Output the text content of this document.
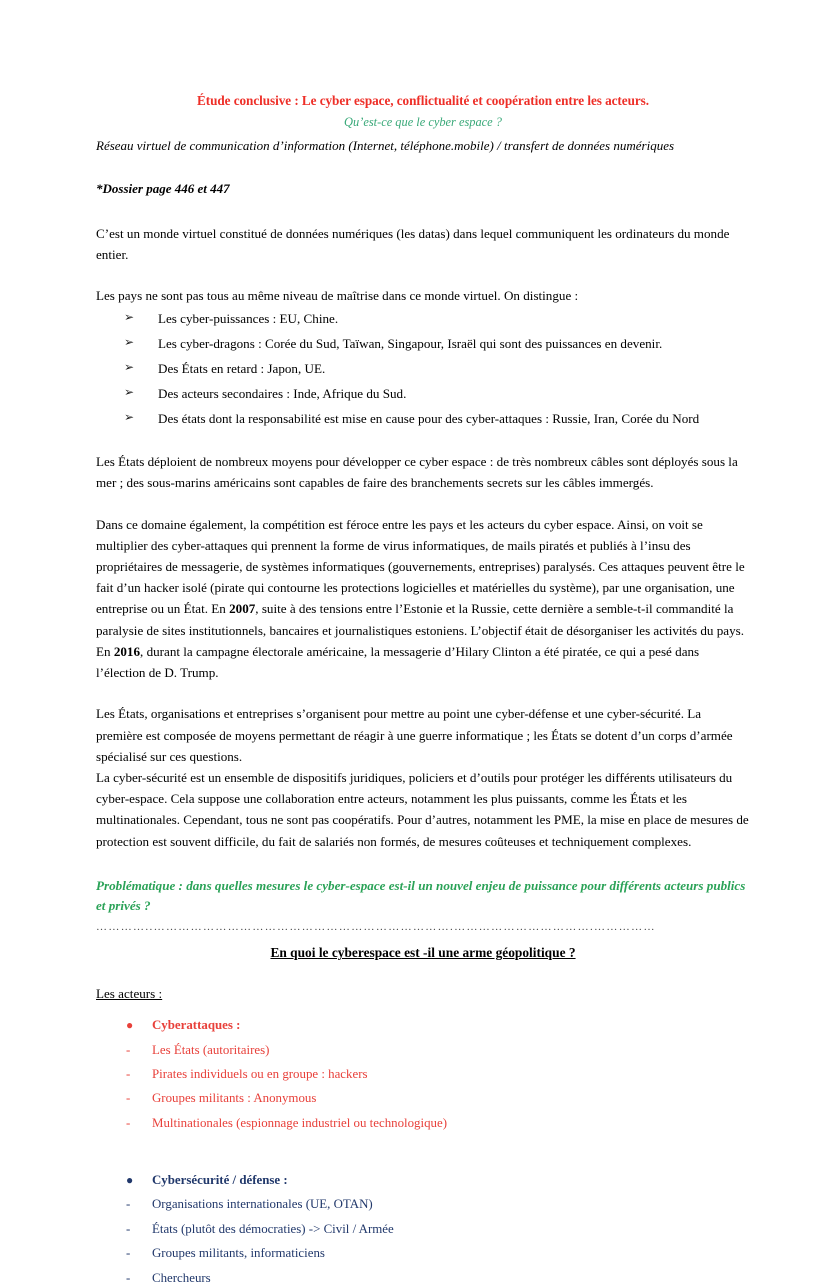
Étude conclusive : Le cyber espace, conflictualité et coopération entre les acteurs.
Qu’est-ce que le cyber espace ?
Réseau virtuel de communication d’information (Internet, téléphone.mobile) / transfert de données numériques
*Dossier page 446 et 447

C’est un monde virtuel constitué de données numériques (les datas) dans lequel communiquent les ordinateurs du monde entier.

Les pays ne sont pas tous au même niveau de maîtrise dans ce monde virtuel. On distingue :

➢ Les cyber-puissances : EU, Chine.
➢ Les cyber-dragons : Corée du Sud, Taïwan, Singapour, Israël qui sont des puissances en devenir.
➢ Des États en retard : Japon, UE.
➢ Des acteurs secondaires : Inde, Afrique du Sud.
➢ Des états dont la responsabilité est mise en cause pour des cyber-attaques : Russie, Iran, Corée du Nord

Les États déploient de nombreux moyens pour développer ce cyber espace : de très nombreux câbles sont déployés sous la mer ; des sous-marins américains sont capables de faire des branchements secrets sur les câbles immergés.

Dans ce domaine également, la compétition est féroce entre les pays et les acteurs du cyber espace. Ainsi, on voit se multiplier des cyber-attaques qui prennent la forme de virus informatiques, de mails piratés et publiés à l’insu des propriétaires de messagerie, de systèmes informatiques (gouvernements, entreprises) paralysés. Ces attaques peuvent être le fait d’un hacker isolé (pirate qui contourne les protections logicielles et matérielles du système), par une organisation, une entreprise ou un État. En 2007, suite à des tensions entre l’Estonie et la Russie, cette dernière a semble-t-il commandité la paralysie de sites institutionnels, bancaires et journalistiques estoniens. L’objectif était de désorganiser les activités du pays. En 2016, durant la campagne électorale américaine, la messagerie d’Hilary Clinton a été piratée, ce qui a pesé dans l’élection de D. Trump.

Les États, organisations et entreprises s’organisent pour mettre au point une cyber-défense et une cyber-sécurité. La première est composée de moyens permettant de réagir à une guerre informatique ; les États se dotent d’un corps d’armée spécialisé sur ces questions.

La cyber-sécurité est un ensemble de dispositifs juridiques, policiers et d’outils pour protéger les différents utilisateurs du cyber-espace. Cela suppose une collaboration entre acteurs, notamment les plus puissants, comme les États et les multinationales. Cependant, tous ne sont pas coopératifs. Pour d’autres, notamment les PME, la mise en place de mesures de protection est souvent difficile, du fait de salariés non formés, de mesures coûteuses et techniquement complexes.

Problématique : dans quelles mesures le cyber-espace est-il un nouvel enjeu de puissance pour différents acteurs publics et privés ?
…………..……………………………………………………………….…………………………….……………
En quoi le cyberespace est -il une arme géopolitique ?
Les acteurs :
● Cyberattaques :
- Les États (autoritaires)
- Pirates individuels ou en groupe : hackers
- Groupes militants : Anonymous
- Multinationales (espionnage industriel ou technologique)
● Cybersécurité / défense :
- Organisations internationales (UE, OTAN)
- États (plutôt des démocraties) -> Civil / Armée
- Groupes militants, informaticiens
- Chercheurs
